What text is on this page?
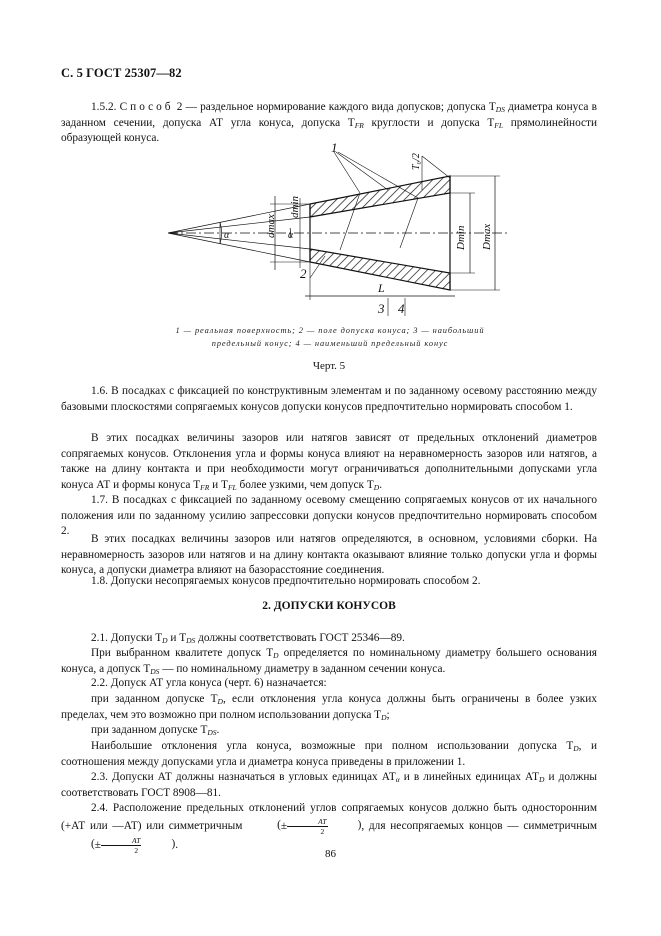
С. 5 ГОСТ 25307—82

1.5.2. Способ 2 — раздельное нормирование каждого вида допусков; допуска $T_{DS}$ диаметра конуса в заданном сечении, допуска АТ угла конуса, допуска $T_{FR}$ круглости и допуска $T_{FL}$ прямолинейности образующей конуса.

dmax
dmin
Dmin Dmax
T₀/2
α	α
1
2
3 4
L
1 — реальная поверхность; 2 — поле допуска конуса; 3 — наибольший
предельный конус; 4 — наименьший предельный конус
Черт. 5

1.6. В посадках с фиксацией по конструктивным элементам и по заданному осевому расстоянию между базовыми плоскостями сопрягаемых конусов допуски конусов предпочтительно нормировать способом 1.

В этих посадках величины зазоров или натягов зависят от предельных отклонений диаметров сопрягаемых конусов. Отклонения угла и формы конуса влияют на неравномерность зазоров или натягов, а также на длину контакта и при необходимости могут ограничиваться дополнительными допусками угла конуса АТ и формы конуса $T_{FR}$ и $T_{FL}$ более узкими, чем допуск $T_D$.

1.7. В посадках с фиксацией по заданному осевому смещению сопрягаемых конусов от их начального положения или по заданному усилию запрессовки допуски конусов предпочтительно нормировать способом 2.

В этих посадках величины зазоров или натягов определяются, в основном, условиями сборки. На неравномерность зазоров или натягов и на длину контакта оказывают влияние только допуски угла и формы конуса, а допуски диаметра влияют на базорасстояние соединения.

1.8. Допуски несопрягаемых конусов предпочтительно нормировать способом 2.

2. ДОПУСКИ КОНУСОВ

2.1. Допуски $T_D$ и $T_{DS}$ должны соответствовать ГОСТ 25346—89.

При выбранном квалитете допуск $T_D$ определяется по номинальному диаметру большего основания конуса, а допуск $T_{DS}$ — по номинальному диаметру в заданном сечении конуса.

2.2. Допуск АТ угла конуса (черт. 6) назначается:

при заданном допуске $T_D$, если отклонения угла конуса должны быть ограничены в более узких пределах, чем это возможно при полном использовании допуска $T_D$;

при заданном допуске $T_{DS}$.

Наибольшие отклонения угла конуса, возможные при полном использовании допуска $T_D$, и соотношения между допусками угла и диаметра конуса приведены в приложении 1.

2.3. Допуски АТ должны назначаться в угловых единицах $АТ_\alpha$ и в линейных единицах $АТ_D$ и должны соответствовать ГОСТ 8908—81.

2.4. Расположение предельных отклонений углов сопрягаемых конусов должно быть односторонним (+АТ или —АТ) или симметричным	(± $\frac{AT}{2}$	), для несопрягаемых концов — симметричным (± $\frac{AT}{2}$	).

86
